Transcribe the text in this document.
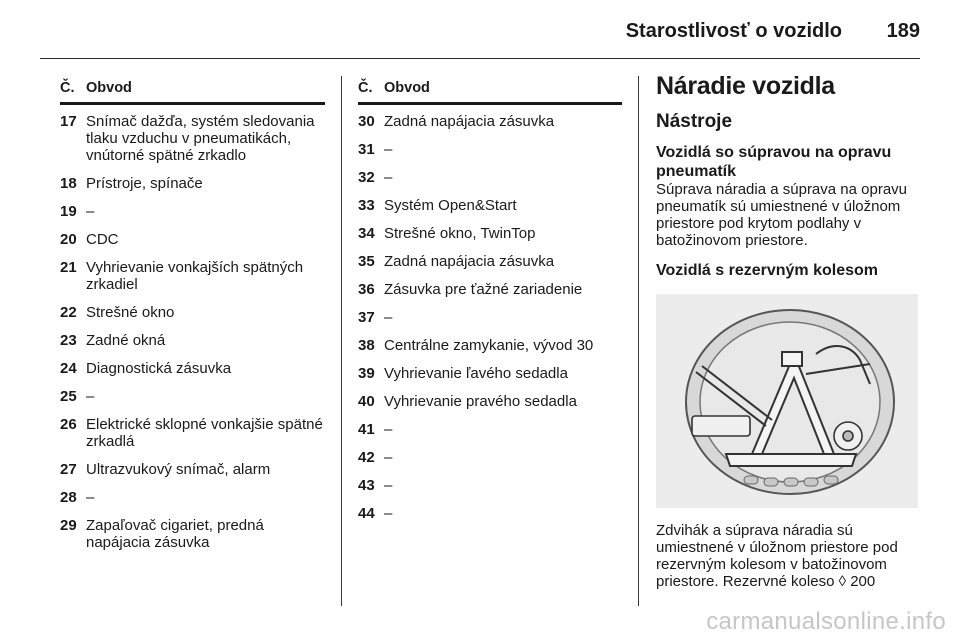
Starostlivosť o vozidlo 189
Č. Obvod
17 Snímač dažďa, systém sledovania tlaku vzduchu v pneumatikách, vnútorné spätné zrkadlo
18 Prístroje, spínače
19 –
20 CDC
21 Vyhrievanie vonkajších spätných zrkadiel
22 Strešné okno
23 Zadné okná
24 Diagnostická zásuvka
25 –
26 Elektrické sklopné vonkajšie spätné zrkadlá
27 Ultrazvukový snímač, alarm
28 –
29 Zapaľovač cigariet, predná napájacia zásuvka
Č. Obvod
30 Zadná napájacia zásuvka
31 –
32 –
33 Systém Open&Start
34 Strešné okno, TwinTop
35 Zadná napájacia zásuvka
36 Zásuvka pre ťažné zariadenie
37 –
38 Centrálne zamykanie, vývod 30
39 Vyhrievanie ľavého sedadla
40 Vyhrievanie pravého sedadla
41 –
42 –
43 –
44 –
Náradie vozidla
Nástroje
Vozidlá so súpravou na opravu pneumatík

Súprava náradia a súprava na opravu pneumatík sú umiestnené v úložnom priestore pod krytom podlahy v batožinovom priestore.

Vozidlá s rezervným kolesom

Zdvihák a súprava náradia sú umiestnené v úložnom priestore pod rezervným kolesom v batožinovom priestore. Rezervné koleso ◊ 200

carmanualsonline.info
